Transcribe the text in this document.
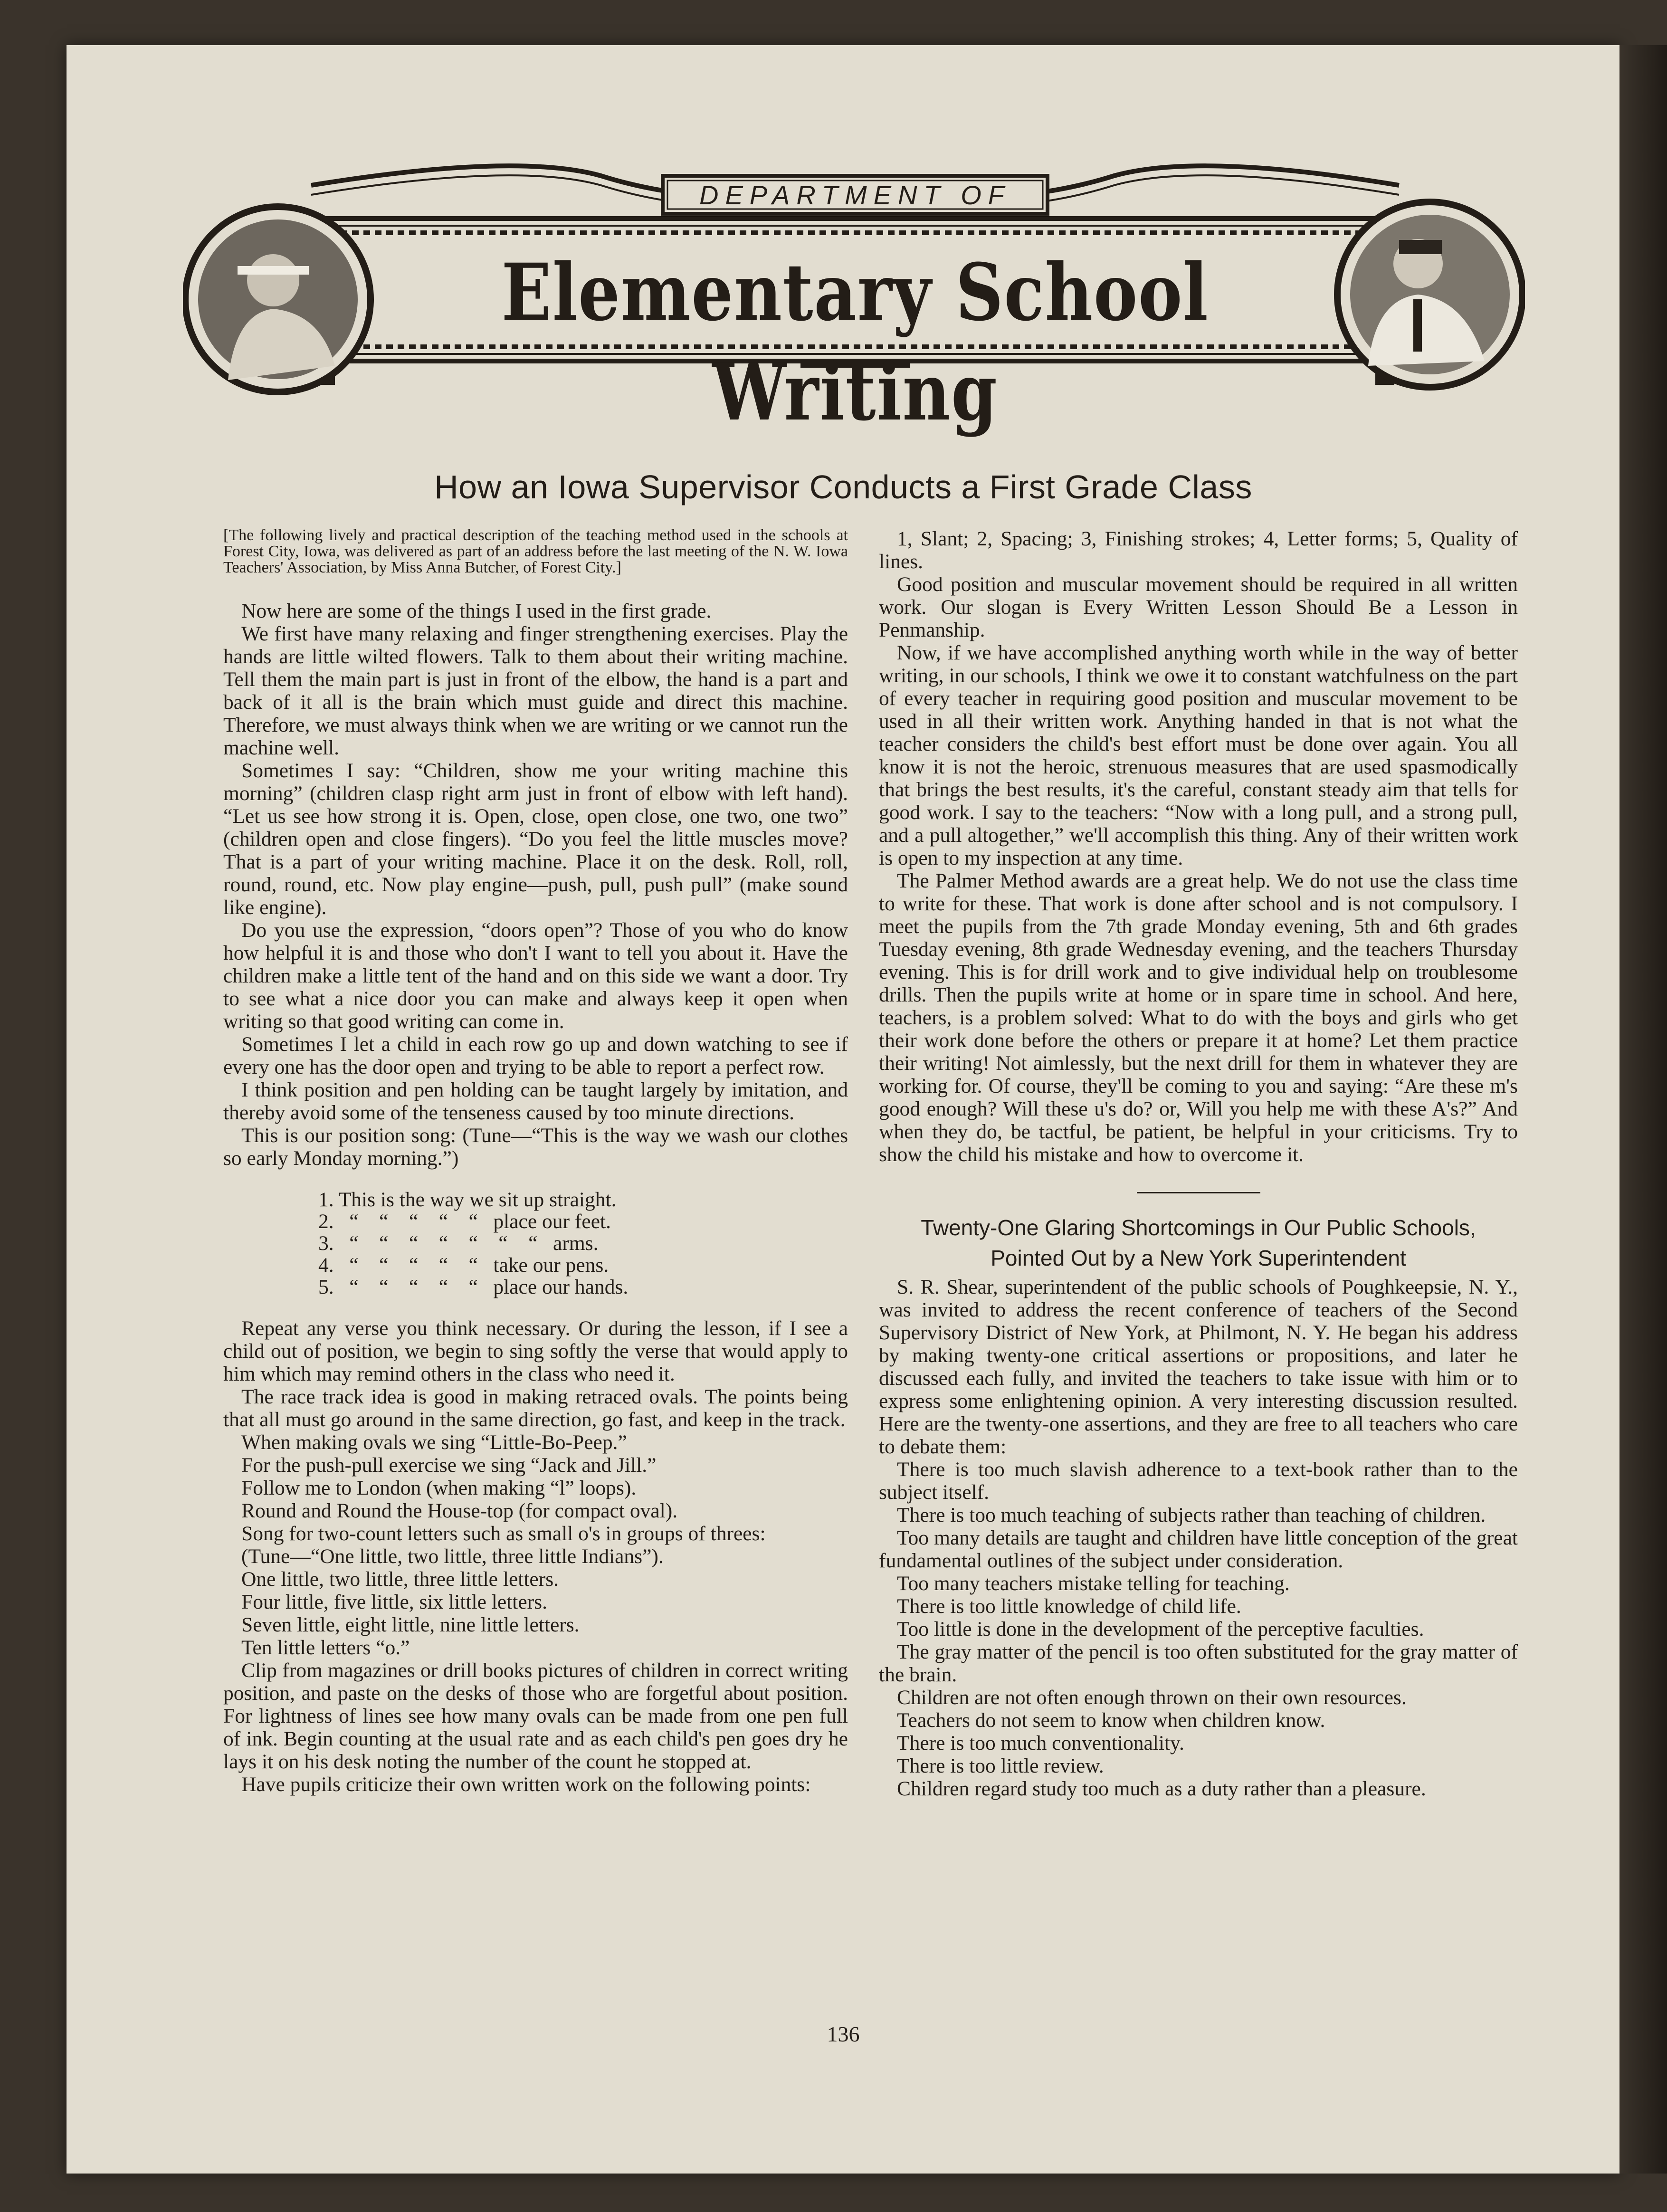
DEPARTMENT OF
Elementary School Writing
How an Iowa Supervisor Conducts a First Grade Class

[The following lively and practical description of the teaching method used in the schools at Forest City, Iowa, was delivered as part of an address before the last meeting of the N. W. Iowa Teachers' Association, by Miss Anna Butcher, of Forest City.]

Now here are some of the things I used in the first grade.

We first have many relaxing and finger strengthening exercises. Play the hands are little wilted flowers. Talk to them about their writing machine. Tell them the main part is just in front of the elbow, the hand is a part and back of it all is the brain which must guide and direct this machine. Therefore, we must always think when we are writing or we cannot run the machine well.

Sometimes I say: “Children, show me your writing machine this morning” (children clasp right arm just in front of elbow with left hand). “Let us see how strong it is. Open, close, open close, one two, one two” (children open and close fingers). “Do you feel the little muscles move? That is a part of your writing machine. Place it on the desk. Roll, roll, round, round, etc. Now play engine—push, pull, push pull” (make sound like engine).

Do you use the expression, “doors open”? Those of you who do know how helpful it is and those who don't I want to tell you about it. Have the children make a little tent of the hand and on this side we want a door. Try to see what a nice door you can make and always keep it open when writing so that good writing can come in.

Sometimes I let a child in each row go up and down watching to see if every one has the door open and trying to be able to report a perfect row.

I think position and pen holding can be taught largely by imitation, and thereby avoid some of the tenseness caused by too minute directions.

This is our position song: (Tune—“This is the way we wash our clothes so early Monday morning.”)

1. This is the way we sit up straight.
2.   “    “    “    “    “   place our feet.
3.   “    “    “    “    “    “    “   arms.
4.   “    “    “    “    “   take our pens.
5.   “    “    “    “    “   place our hands.

Repeat any verse you think necessary. Or during the lesson, if I see a child out of position, we begin to sing softly the verse that would apply to him which may remind others in the class who need it.

The race track idea is good in making retraced ovals. The points being that all must go around in the same direction, go fast, and keep in the track.

When making ovals we sing “Little-Bo-Peep.”

For the push-pull exercise we sing “Jack and Jill.”

Follow me to London (when making “l” loops).

Round and Round the House-top (for compact oval).

Song for two-count letters such as small o's in groups of threes:

(Tune—“One little, two little, three little Indians”).

One little, two little, three little letters.

Four little, five little, six little letters.

Seven little, eight little, nine little letters.

Ten little letters “o.”

Clip from magazines or drill books pictures of children in correct writing position, and paste on the desks of those who are forgetful about position. For lightness of lines see how many ovals can be made from one pen full of ink. Begin counting at the usual rate and as each child's pen goes dry he lays it on his desk noting the number of the count he stopped at.

Have pupils criticize their own written work on the following points:

1, Slant; 2, Spacing; 3, Finishing strokes; 4, Letter forms; 5, Quality of lines.

Good position and muscular movement should be required in all written work. Our slogan is Every Written Lesson Should Be a Lesson in Penmanship.

Now, if we have accomplished anything worth while in the way of better writing, in our schools, I think we owe it to constant watchfulness on the part of every teacher in requiring good position and muscular movement to be used in all their written work. Anything handed in that is not what the teacher considers the child's best effort must be done over again. You all know it is not the heroic, strenuous measures that are used spasmodically that brings the best results, it's the careful, constant steady aim that tells for good work. I say to the teachers: “Now with a long pull, and a strong pull, and a pull altogether,” we'll accomplish this thing. Any of their written work is open to my inspection at any time.

The Palmer Method awards are a great help. We do not use the class time to write for these. That work is done after school and is not compulsory. I meet the pupils from the 7th grade Monday evening, 5th and 6th grades Tuesday evening, 8th grade Wednesday evening, and the teachers Thursday evening. This is for drill work and to give individual help on troublesome drills. Then the pupils write at home or in spare time in school. And here, teachers, is a problem solved: What to do with the boys and girls who get their work done before the others or prepare it at home? Let them practice their writing! Not aimlessly, but the next drill for them in whatever they are working for. Of course, they'll be coming to you and saying: “Are these m's good enough? Will these u's do? or, Will you help me with these A's?” And when they do, be tactful, be patient, be helpful in your criticisms. Try to show the child his mistake and how to overcome it.

Twenty-One Glaring Shortcomings in Our Public Schools,

Pointed Out by a New York Superintendent

S. R. Shear, superintendent of the public schools of Poughkeepsie, N. Y., was invited to address the recent conference of teachers of the Second Supervisory District of New York, at Philmont, N. Y. He began his address by making twenty-one critical assertions or propositions, and later he discussed each fully, and invited the teachers to take issue with him or to express some enlightening opinion. A very interesting discussion resulted. Here are the twenty-one assertions, and they are free to all teachers who care to debate them:

There is too much slavish adherence to a text-book rather than to the subject itself.

There is too much teaching of subjects rather than teaching of children.

Too many details are taught and children have little conception of the great fundamental outlines of the subject under consideration.

Too many teachers mistake telling for teaching.

There is too little knowledge of child life.

Too little is done in the development of the perceptive faculties.

The gray matter of the pencil is too often substituted for the gray matter of the brain.

Children are not often enough thrown on their own resources.

Teachers do not seem to know when children know.

There is too much conventionality.

There is too little review.

Children regard study too much as a duty rather than a pleasure.

136
